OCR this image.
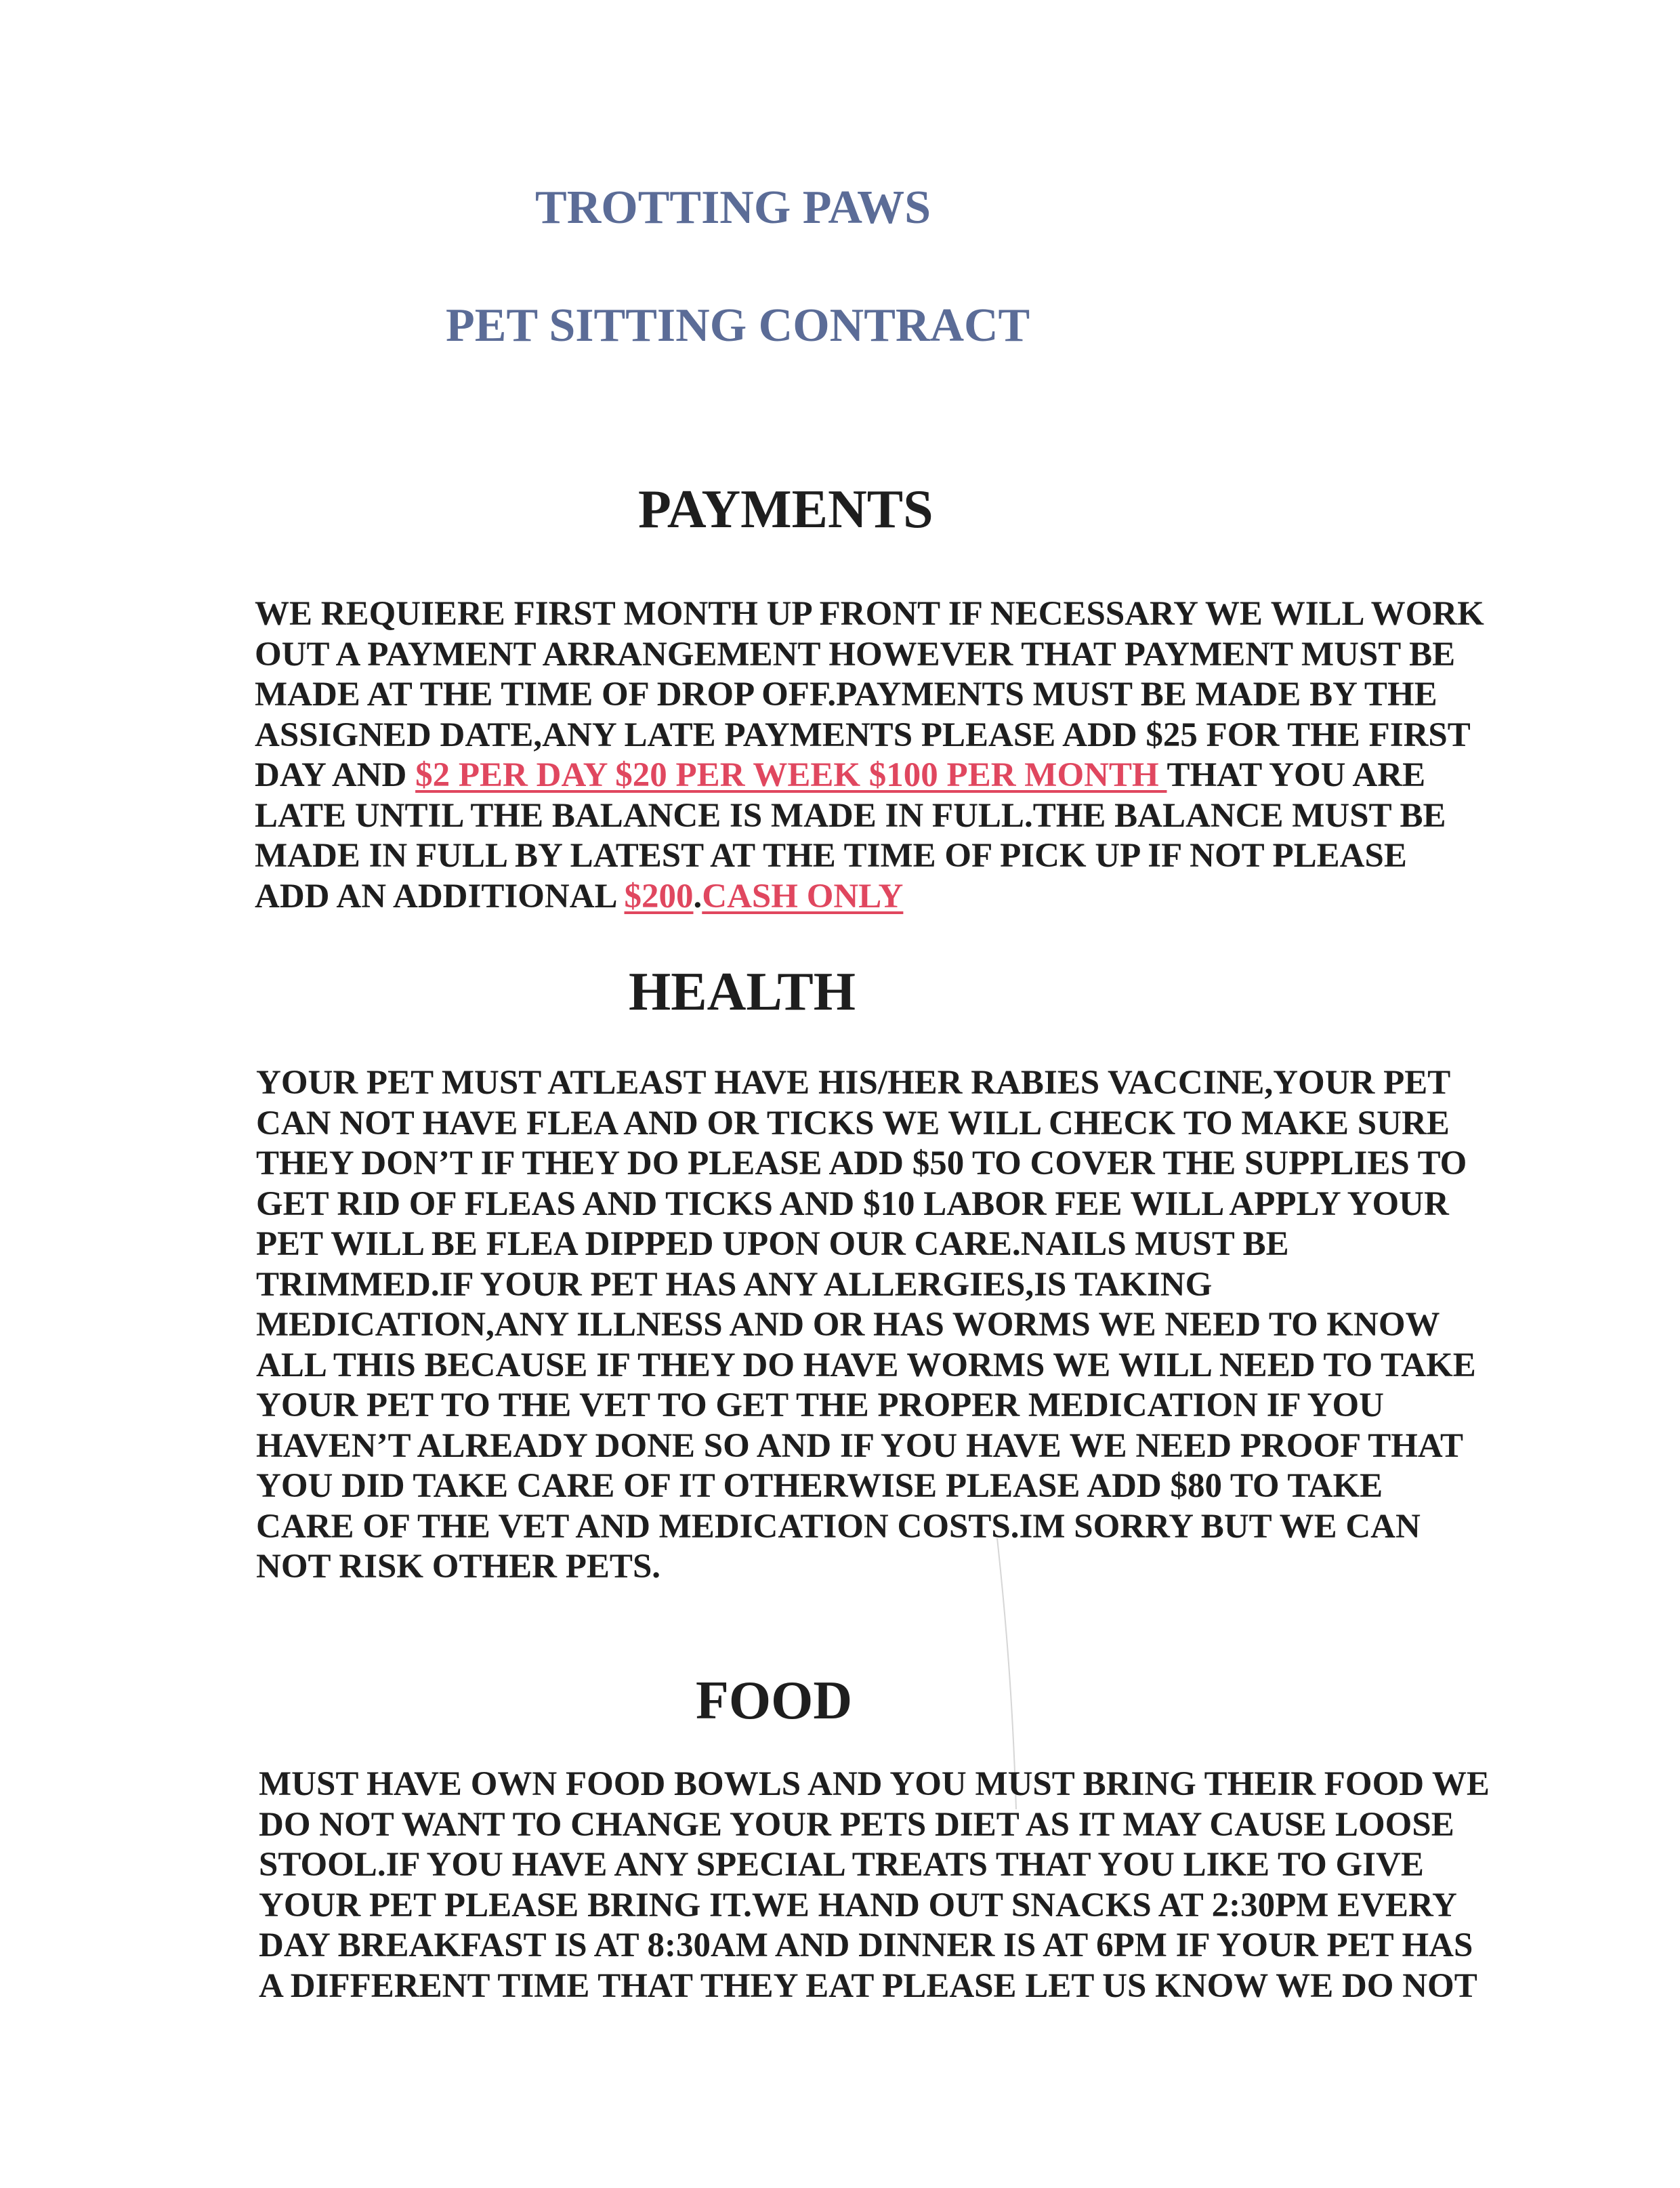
TROTTING PAWS
PET SITTING CONTRACT
PAYMENTS
WE REQUIERE FIRST MONTH UP FRONT IF NECESSARY WE WILL WORK
OUT A PAYMENT ARRANGEMENT HOWEVER THAT PAYMENT MUST BE
MADE AT THE TIME OF DROP OFF.PAYMENTS MUST BE MADE BY THE
ASSIGNED DATE,ANY LATE PAYMENTS PLEASE ADD $25 FOR THE FIRST
DAY AND $2 PER DAY $20 PER WEEK $100 PER MONTH THAT YOU ARE
LATE UNTIL THE BALANCE IS MADE IN FULL.THE BALANCE MUST BE
MADE IN FULL BY LATEST AT THE TIME OF PICK UP IF NOT PLEASE
ADD AN ADDITIONAL $200.CASH ONLY
HEALTH
YOUR PET MUST ATLEAST HAVE HIS/HER RABIES VACCINE,YOUR PET
CAN NOT HAVE FLEA AND OR TICKS WE WILL CHECK TO MAKE SURE
THEY DON’T IF THEY DO PLEASE ADD $50 TO COVER THE SUPPLIES TO
GET RID OF FLEAS AND TICKS AND $10 LABOR FEE WILL APPLY YOUR
PET WILL BE FLEA DIPPED UPON OUR CARE.NAILS MUST BE
TRIMMED.IF YOUR PET HAS ANY ALLERGIES,IS TAKING
MEDICATION,ANY ILLNESS AND OR HAS WORMS WE NEED TO KNOW
ALL THIS BECAUSE IF THEY DO HAVE WORMS WE WILL NEED TO TAKE
YOUR PET TO THE VET TO GET THE PROPER MEDICATION IF YOU
HAVEN’T ALREADY DONE SO AND IF YOU HAVE WE NEED PROOF THAT
YOU DID TAKE CARE OF IT OTHERWISE PLEASE ADD $80 TO TAKE
CARE OF THE VET AND MEDICATION COSTS.IM SORRY BUT WE CAN
NOT RISK OTHER PETS.
FOOD
MUST HAVE OWN FOOD BOWLS AND YOU MUST BRING THEIR FOOD WE
DO NOT WANT TO CHANGE YOUR PETS DIET AS IT MAY CAUSE LOOSE
STOOL.IF YOU HAVE ANY SPECIAL TREATS THAT YOU LIKE TO GIVE
YOUR PET PLEASE BRING IT.WE HAND OUT SNACKS AT 2:30PM EVERY
DAY BREAKFAST IS AT 8:30AM AND DINNER IS AT 6PM IF YOUR PET HAS
A DIFFERENT TIME THAT THEY EAT PLEASE LET US KNOW WE DO NOT
